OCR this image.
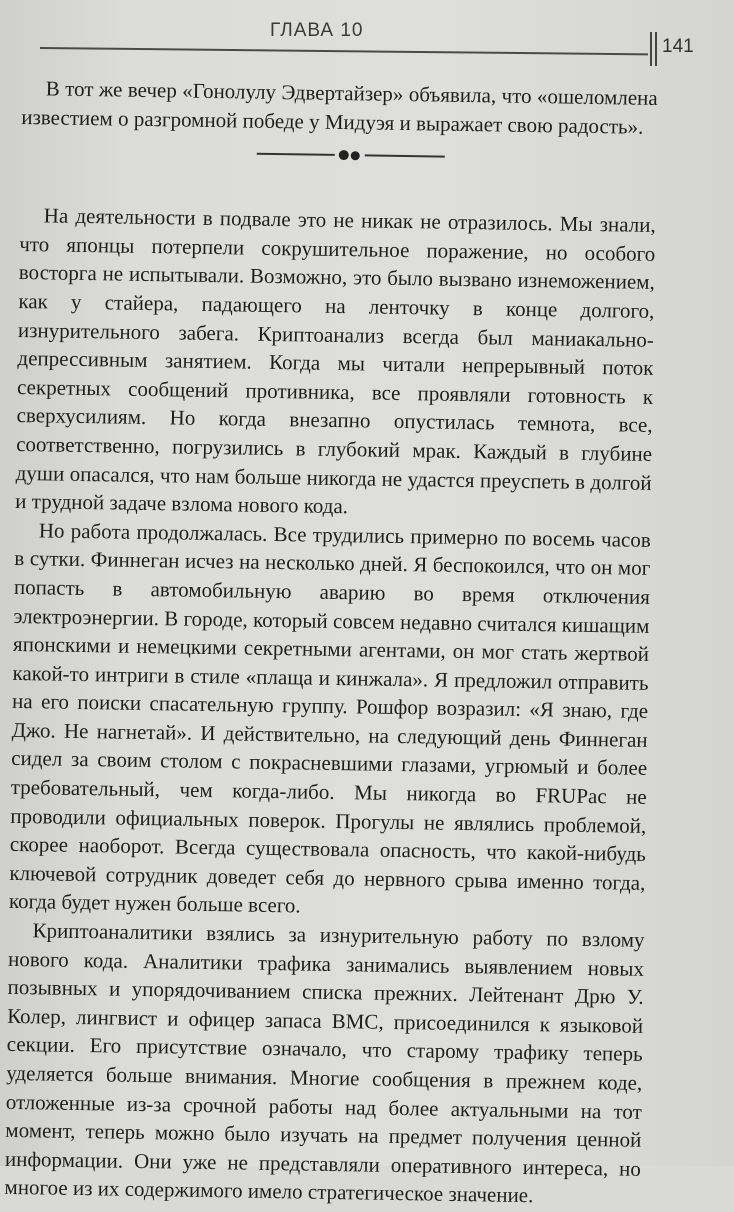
ГЛАВА 10
141

В тот же вечер «Гонолулу Эдвертайзер» объявила, что «ошеломлена известием о разгромной победе у Мидуэя и выражает свою радость».

На деятельности в подвале это не никак не отразилось. Мы знали, что японцы потерпели сокрушительное поражение, но особого восторга не испытывали. Возможно, это было вызвано изнеможением, как у стайера, падающего на ленточку в конце долгого, изнурительного забега. Криптоанализ всегда был маниакально-депрессивным занятием. Когда мы читали непрерывный поток секретных сообщений противника, все проявляли готовность к сверхусилиям. Но когда внезапно опустилась темнота, все, соответственно, погрузились в глубокий мрак. Каждый в глубине души опасался, что нам больше никогда не удастся преуспеть в долгой и трудной задаче взлома нового кода.

Но работа продолжалась. Все трудились примерно по восемь часов в сутки. Финнеган исчез на несколько дней. Я беспокоился, что он мог попасть в автомобильную аварию во время отключения электроэнергии. В городе, который совсем недавно считался кишащим японскими и немецкими секретными агентами, он мог стать жертвой какой-то интриги в стиле «плаща и кинжала». Я предложил отправить на его поиски спасательную группу. Рошфор возразил: «Я знаю, где Джо. Не нагнетай». И действительно, на следующий день Финнеган сидел за своим столом с покрасневшими глазами, угрюмый и более требовательный, чем когда-либо. Мы никогда во FRUPac не проводили официальных поверок. Прогулы не являлись проблемой, скорее наоборот. Всегда существовала опасность, что какой-нибудь ключевой сотрудник доведет себя до нервного срыва именно тогда, когда будет нужен больше всего.

Криптоаналитики взялись за изнурительную работу по взлому нового кода. Аналитики трафика занимались выявлением новых позывных и упорядочиванием списка прежних. Лейтенант Дрю У. Колер, лингвист и офицер запаса ВМС, присоединился к языковой секции. Его присутствие означало, что старому трафику теперь уделяется больше внимания. Многие сообщения в прежнем коде, отложенные из-за срочной работы над более актуальными на тот момент, теперь можно было изучать на предмет получения ценной информации. Они уже не представляли оперативного интереса, но многое из их содержимого имело стратегическое значение.
